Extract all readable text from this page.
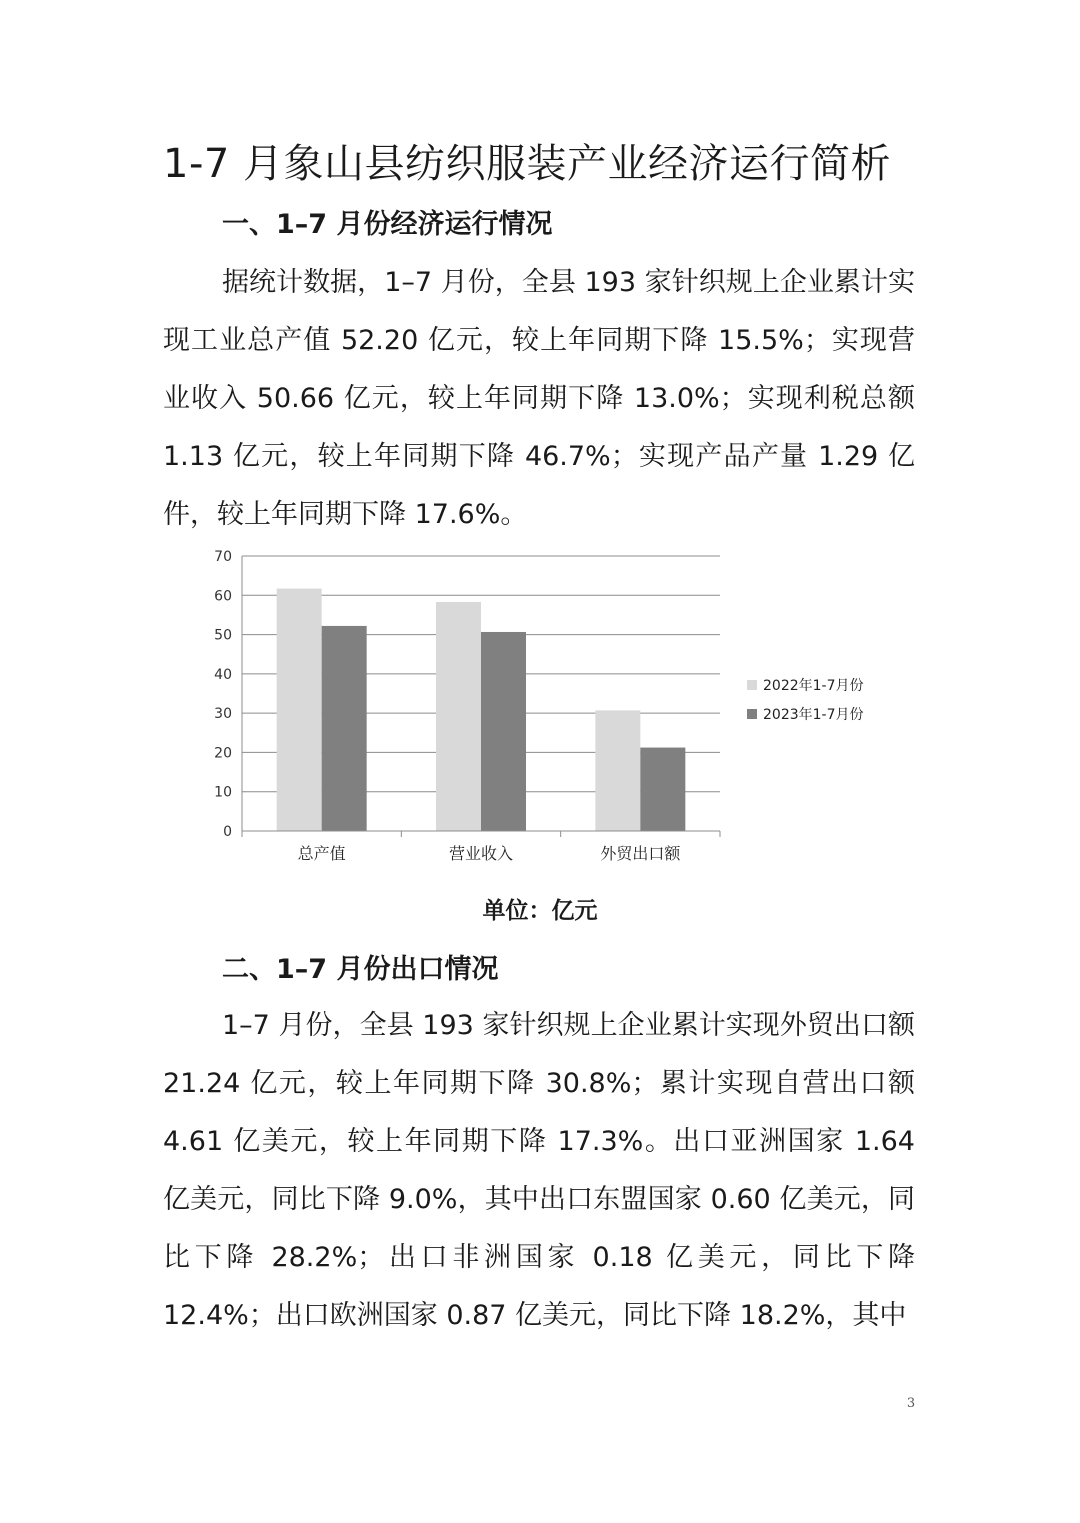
1-7 月象山县纺织服装产业经济运行简析
一、1–7 月份经济运行情况

据统计数据，1–7 月份，全县 193 家针织规上企业累计实现工业总产值 52.20 亿元，较上年同期下降 15.5%；实现营业收入 50.66 亿元，较上年同期下降 13.0%；实现利税总额 1.13 亿元，较上年同期下降 46.7%；实现产品产量 1.29 亿件，较上年同期下降 17.6%。

0
10
20
30
40
50
60
70
总产值	营业收入	外贸出口额
2022年1-7月份
2023年1-7月份
单位：亿元
二、1–7 月份出口情况

1–7 月份，全县 193 家针织规上企业累计实现外贸出口额 21.24 亿元，较上年同期下降 30.8%；累计实现自营出口额 4.61 亿美元，较上年同期下降 17.3%。出口亚洲国家 1.64 亿美元，同比下降 9.0%，其中出口东盟国家 0.60 亿美元，同比下降 28.2%；出口非洲国家 0.18 亿美元，同比下降 12.4%；出口欧洲国家 0.87 亿美元，同比下降 18.2%，其中

3
